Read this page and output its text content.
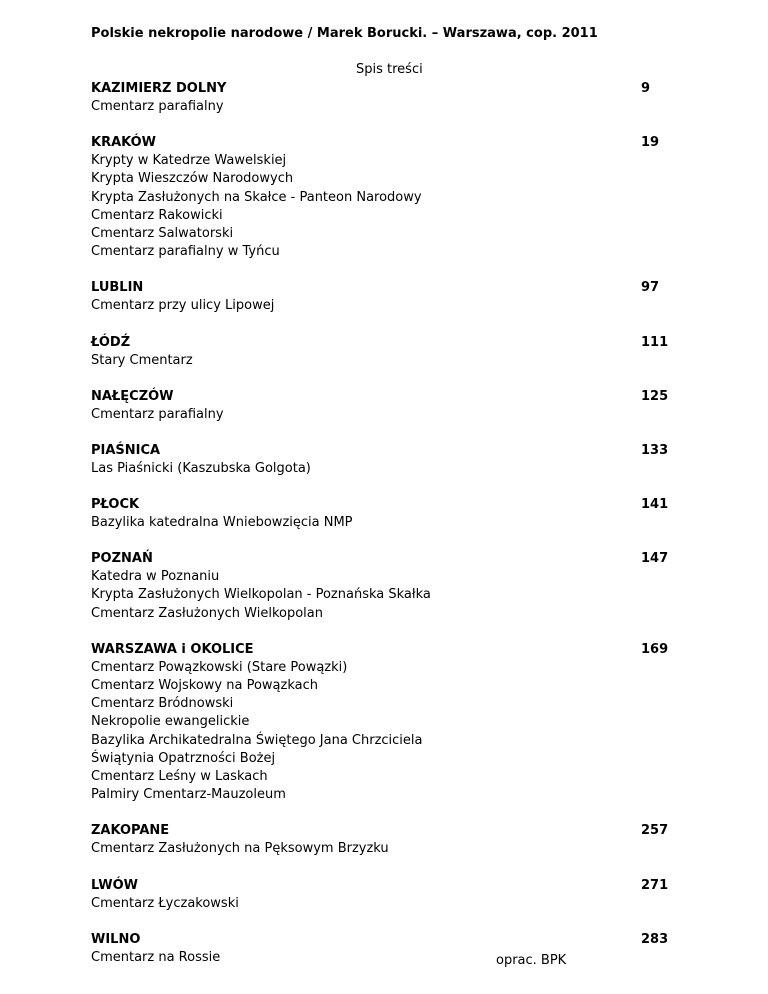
Polskie nekropolie narodowe / Marek Borucki. – Warszawa, cop. 2011
Spis treści
KAZIMIERZ DOLNY	9
Cmentarz parafialny
KRAKÓW	19
Krypty w Katedrze Wawelskiej
Krypta Wieszczów Narodowych
Krypta Zasłużonych na Skałce - Panteon Narodowy
Cmentarz Rakowicki
Cmentarz Salwatorski
Cmentarz parafialny w Tyńcu
LUBLIN	97
Cmentarz przy ulicy Lipowej
ŁÓDŹ	111
Stary Cmentarz
NAŁĘCZÓW	125
Cmentarz parafialny
PIAŚNICA	133
Las Piaśnicki (Kaszubska Golgota)
PŁOCK	141
Bazylika katedralna Wniebowzięcia NMP
POZNAŃ	147
Katedra w Poznaniu
Krypta Zasłużonych Wielkopolan - Poznańska Skałka
Cmentarz Zasłużonych Wielkopolan
WARSZAWA i OKOLICE	169
Cmentarz Powązkowski (Stare Powązki)
Cmentarz Wojskowy na Powązkach
Cmentarz Bródnowski
Nekropolie ewangelickie
Bazylika Archikatedralna Świętego Jana Chrzciciela
Świątynia Opatrzności Bożej
Cmentarz Leśny w Laskach
Palmiry Cmentarz-Mauzoleum
ZAKOPANE	257
Cmentarz Zasłużonych na Pęksowym Brzyzku
LWÓW	271
Cmentarz Łyczakowski
WILNO	283
Cmentarz na Rossie	oprac. BPK
